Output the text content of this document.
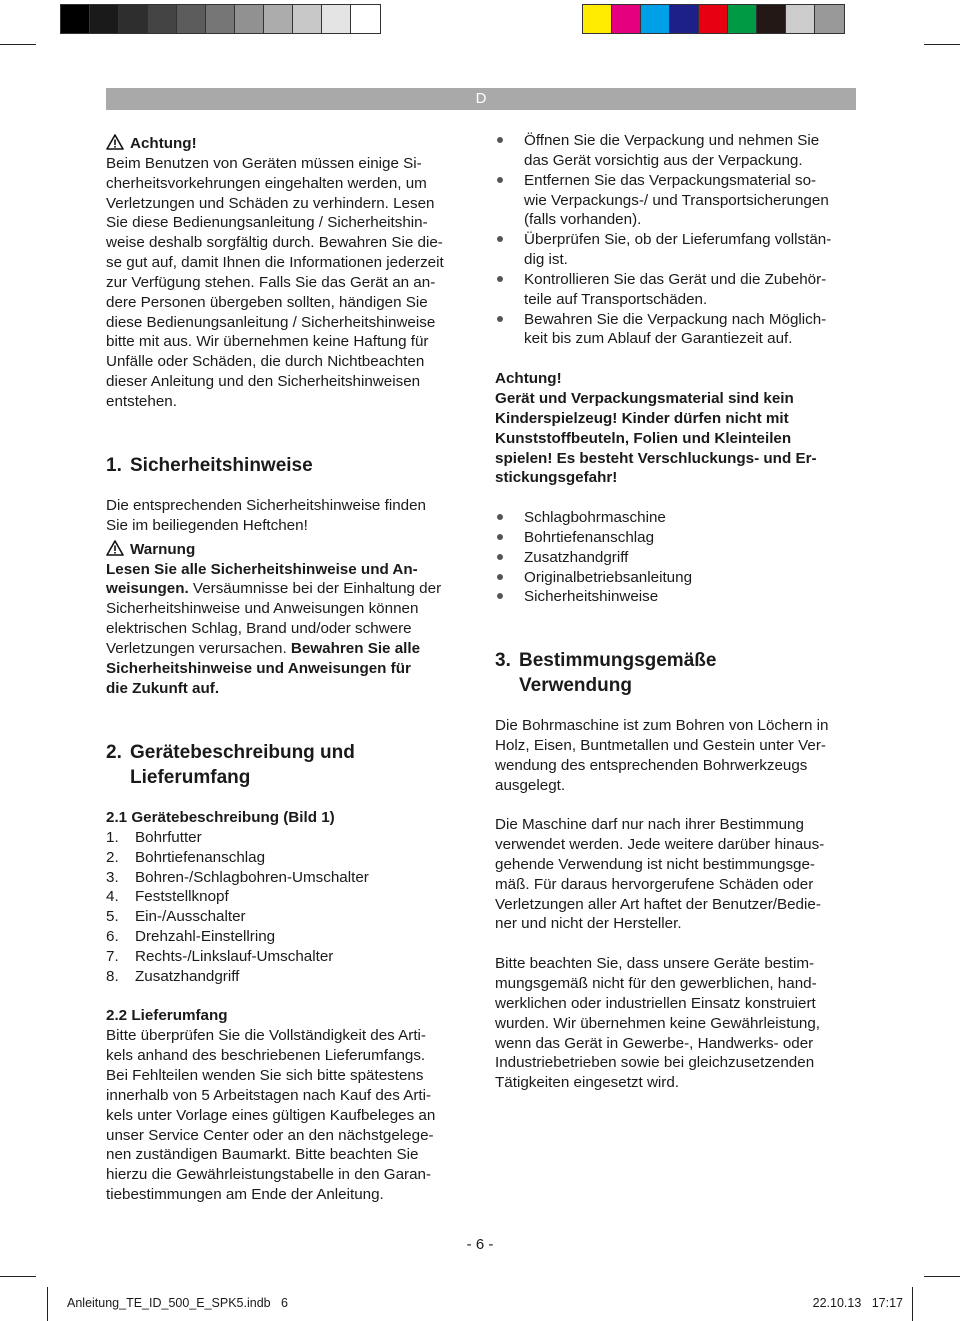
D

Achtung!

Beim Benutzen von Geräten müssen einige Si-
cherheitsvorkehrungen eingehalten werden, um
Verletzungen und Schäden zu verhindern. Lesen
Sie diese Bedienungsanleitung / Sicherheitshin-
weise deshalb sorgfältig durch. Bewahren Sie die-
se gut auf, damit Ihnen die Informationen jederzeit
zur Verfügung stehen. Falls Sie das Gerät an an-
dere Personen übergeben sollten, händigen Sie
diese Bedienungsanleitung / Sicherheitshinweise
bitte mit aus. Wir übernehmen keine Haftung für
Unfälle oder Schäden, die durch Nichtbeachten
dieser Anleitung und den Sicherheitshinweisen
entstehen.

1. Sicherheitshinweise

Die entsprechenden Sicherheitshinweise finden
Sie im beiliegenden Heftchen!
Warnung
Lesen Sie alle Sicherheitshinweise und An-
weisungen. Versäumnisse bei der Einhaltung der
Sicherheitshinweise und Anweisungen können
elektrischen Schlag, Brand und/oder schwere
Verletzungen verursachen. Bewahren Sie alle
Sicherheitshinweise und Anweisungen für
die Zukunft auf.

2. Gerätebeschreibung und
Lieferumfang

2.1 Gerätebeschreibung (Bild 1)

1.	Bohrfutter
2.	Bohrtiefenanschlag
3.	Bohren-/Schlagbohren-Umschalter
4.	Feststellknopf
5.	Ein-/Ausschalter
6.	Drehzahl-Einstellring
7.	Rechts-/Linkslauf-Umschalter
8.	Zusatzhandgriff

2.2 Lieferumfang

Bitte überprüfen Sie die Vollständigkeit des Arti-
kels anhand des beschriebenen Lieferumfangs.
Bei Fehlteilen wenden Sie sich bitte spätestens
innerhalb von 5 Arbeitstagen nach Kauf des Arti-
kels unter Vorlage eines gültigen Kaufbeleges an
unser Service Center oder an den nächstgelege-
nen zuständigen Baumarkt. Bitte beachten Sie
hierzu die Gewährleistungstabelle in den Garan-
tiebestimmungen am Ende der Anleitung.
Öffnen Sie die Verpackung und nehmen Sie
das Gerät vorsichtig aus der Verpackung.
Entfernen Sie das Verpackungsmaterial so-
wie Verpackungs-/ und Transportsicherungen
(falls vorhanden).
Überprüfen Sie, ob der Lieferumfang vollstän-
dig ist.
Kontrollieren Sie das Gerät und die Zubehör-
teile auf Transportschäden.
Bewahren Sie die Verpackung nach Möglich-
keit bis zum Ablauf der Garantiezeit auf.
Achtung!
Gerät und Verpackungsmaterial sind kein
Kinderspielzeug! Kinder dürfen nicht mit
Kunststoffbeuteln, Folien und Kleinteilen
spielen! Es besteht Verschluckungs- und Er-
stickungsgefahr!
Schlagbohrmaschine
Bohrtiefenanschlag
Zusatzhandgriff
Originalbetriebsanleitung
Sicherheitshinweise

3. Bestimmungsgemäße
Verwendung

Die Bohrmaschine ist zum Bohren von Löchern in
Holz, Eisen, Buntmetallen und Gestein unter Ver-
wendung des entsprechenden Bohrwerkzeugs
ausgelegt.
Die Maschine darf nur nach ihrer Bestimmung
verwendet werden. Jede weitere darüber hinaus-
gehende Verwendung ist nicht bestimmungsge-
mäß. Für daraus hervorgerufene Schäden oder
Verletzungen aller Art haftet der Benutzer/Bedie-
ner und nicht der Hersteller.
Bitte beachten Sie, dass unsere Geräte bestim-
mungsgemäß nicht für den gewerblichen, hand-
werklichen oder industriellen Einsatz konstruiert
wurden. Wir übernehmen keine Gewährleistung,
wenn das Gerät in Gewerbe-, Handwerks- oder
Industriebetrieben sowie bei gleichzusetzenden
Tätigkeiten eingesetzt wird.
- 6 -
Anleitung_TE_ID_500_E_SPK5.indb   6	22.10.13   17:17
